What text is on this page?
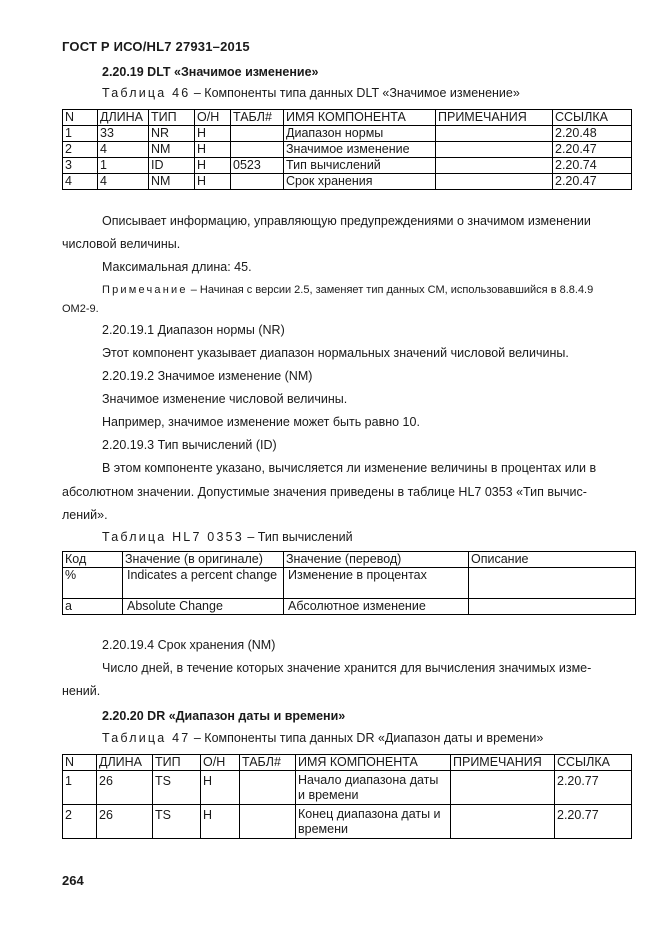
ГОСТ Р ИСО/HL7 27931–2015
2.20.19 DLT «Значимое изменение»
Таблица 46 – Компоненты типа данных DLT «Значимое изменение»
N	ДЛИНА	ТИП	О/Н	ТАБЛ#	ИМЯ КОМПОНЕНТА	ПРИМЕЧАНИЯ	ССЫЛКА
1	33	NR	Н		Диапазон нормы		2.20.48
2	4	NM	Н		Значимое изменение		2.20.47
3	1	ID	Н	0523	Тип вычислений		2.20.74
4	4	NM	Н		Срок хранения		2.20.47
Описывает информацию, управляющую предупреждениями о значимом изменении
числовой величины.
Максимальная длина: 45.
Примечание – Начиная с версии 2.5, заменяет тип данных СМ, использовавшийся в 8.8.4.9
OM2-9.
2.20.19.1 Диапазон нормы (NR)
Этот компонент указывает диапазон нормальных значений числовой величины.
2.20.19.2 Значимое изменение (NM)
Значимое изменение числовой величины.
Например, значимое изменение может быть равно 10.
2.20.19.3 Тип вычислений (ID)
В этом компоненте указано, вычисляется ли изменение величины в процентах или в
абсолютном значении. Допустимые значения приведены в таблице HL7 0353 «Тип вычис-
лений».
Таблица HL7 0353 – Тип вычислений
Код	Значение (в оригинале)	Значение (перевод)	Описание
%	Indicates a percent change	Изменение в процентах	
a	Absolute Change	Абсолютное изменение	
2.20.19.4 Срок хранения (NM)
Число дней, в течение которых значение хранится для вычисления значимых изме-
нений.
2.20.20 DR «Диапазон даты и времени»
Таблица 47 – Компоненты типа данных DR «Диапазон даты и времени»
N	ДЛИНА	ТИП	О/Н	ТАБЛ#	ИМЯ КОМПОНЕНТА	ПРИМЕЧАНИЯ	ССЫЛКА
1	26	TS	Н		Начало диапазона даты и времени		2.20.77
2	26	TS	Н		Конец диапазона даты и времени		2.20.77
264
